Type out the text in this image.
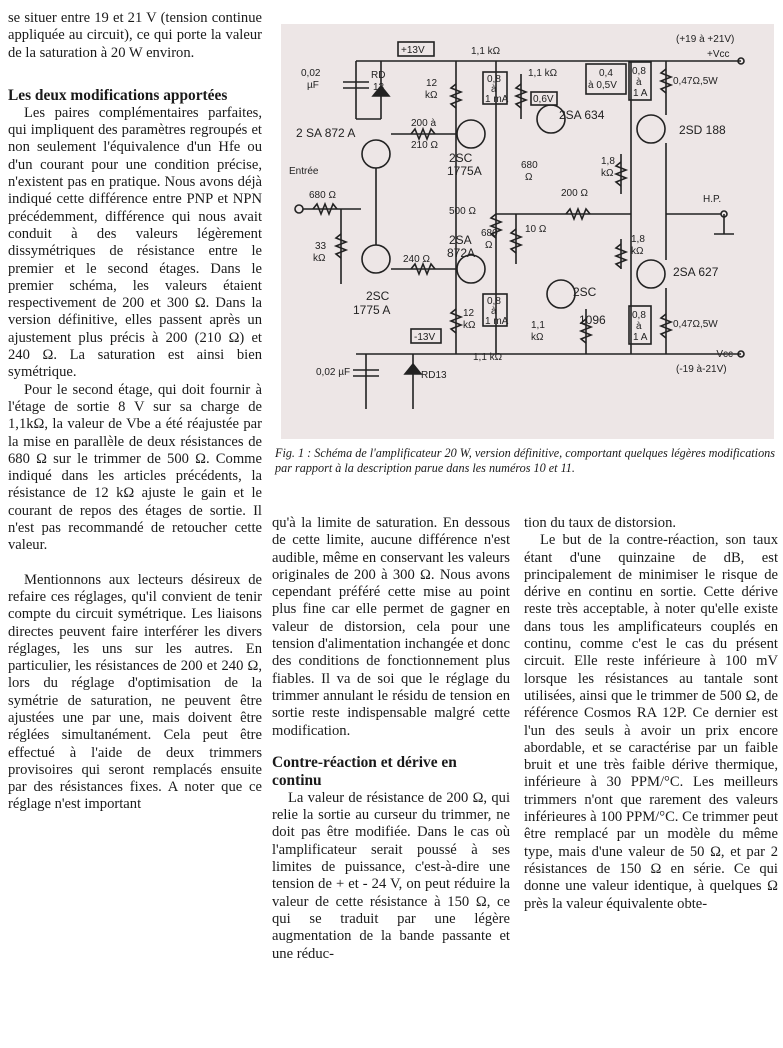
se situer entre 19 et 21 V (tension continue appliquée au circuit), ce qui porte la valeur de la saturation à 20 W environ.

Les deux modifications apportées

Les paires complémentaires parfaites, qui impliquent des paramètres regroupés et non seulement l'équivalence d'un Hfe ou d'un courant pour une condition précise, n'existent pas en pratique. Nous avons déjà indiqué cette différence entre PNP et NPN précédemment, différence qui nous avait conduit à des valeurs légèrement dissymétriques de résistance entre le premier et le second étages. Dans le premier schéma, les valeurs étaient respectivement de 200 et 300 Ω. Dans la version définitive, elles passent après un ajustement plus précis à 200 (210 Ω) et 240 Ω. La saturation est ainsi bien symétrique.

Pour le second étage, qui doit fournir à l'étage de sortie 8 V sur sa charge de 1,1kΩ, la valeur de Vbe a été réajustée par la mise en parallèle de deux résistances de 680 Ω sur le trimmer de 500 Ω. Comme indiqué dans les articles précédents, la résistance de 12 kΩ ajuste le gain et le courant de repos des étages de sortie. Il n'est pas recommandé de retoucher cette valeur.

Mentionnons aux lecteurs désireux de refaire ces réglages, qu'il convient de tenir compte du circuit symétrique. Les liaisons directes peuvent faire interférer les divers réglages, les uns sur les autres. En particulier, les résistances de 200 et 240 Ω, lors du réglage d'optimisation de la symétrie de saturation, ne peuvent être ajustées une par une, mais doivent être réglées simultanément. Cela peut être effectué à l'aide de deux trimmers provisoires qui seront remplacés ensuite par des résistances fixes. A noter que ce réglage n'est important

+13V
-13V
0,02
µF
RD
13
RD13
0,02 µF
1,1 kΩ
1,1 kΩ
1,1 kΩ
1,1
kΩ
12
kΩ
12
kΩ
0,8
à
1 mA
0,8
à
1 mA
0,4
à 0,5V
0,8
à
1 A
0,8
à
1 A
0,6V
2 SA 872 A
200 à
210 Ω
2SC
1775A
2SA 634
2SD 188
Entrée
680 Ω
33
kΩ
680
Ω
500 Ω
680
Ω
10 Ω
200 Ω
1,8
kΩ
1,8
kΩ
H.P.
2SA
872A
240 Ω
2SC
1775 A
2SC
1096
2SA 627
0,47Ω,5W
0,47Ω,5W
+Vcc
-Vcc
(+19 à +21V)
(-19 à-21V)
Fig. 1 : Schéma de l'amplificateur 20 W, version définitive, comportant quelques légères modifications par rapport à la description parue dans les numéros 10 et 11.

qu'à la limite de saturation. En dessous de cette limite, aucune différence n'est audible, même en conservant les valeurs originales de 200 à 300 Ω. Nous avons cependant préféré cette mise au point plus fine car elle permet de gagner en valeur de distorsion, cela pour une tension d'alimentation inchangée et donc des conditions de fonctionnement plus fiables. Il va de soi que le réglage du trimmer annulant le résidu de tension en sortie reste indispensable malgré cette modification.

Contre-réaction et dérive en continu

La valeur de résistance de 200 Ω, qui relie la sortie au curseur du trimmer, ne doit pas être modifiée. Dans le cas où l'amplificateur serait poussé à ses limites de puissance, c'est-à-dire une tension de + et - 24 V, on peut réduire la valeur de cette résistance à 150 Ω, ce qui se traduit par une légère augmentation de la bande passante et une réduc-

tion du taux de distorsion.

Le but de la contre-réaction, son taux étant d'une quinzaine de dB, est principalement de minimiser le risque de dérive en continu en sortie. Cette dérive reste très acceptable, à noter qu'elle existe dans tous les amplificateurs couplés en continu, comme c'est le cas du présent circuit. Elle reste inférieure à 100 mV lorsque les résistances au tantale sont utilisées, ainsi que le trimmer de 500 Ω, de référence Cosmos RA 12P. Ce dernier est l'un des seuls à avoir un prix encore abordable, et se caractérise par un faible bruit et une très faible dérive thermique, inférieure à 30 PPM/°C. Les meilleurs trimmers n'ont que rarement des valeurs inférieures à 100 PPM/°C. Ce trimmer peut être remplacé par un modèle du même type, mais d'une valeur de 50 Ω, et par 2 résistances de 150 Ω en série. Ce qui donne une valeur identique, à quelques Ω près la valeur équivalente obte-
